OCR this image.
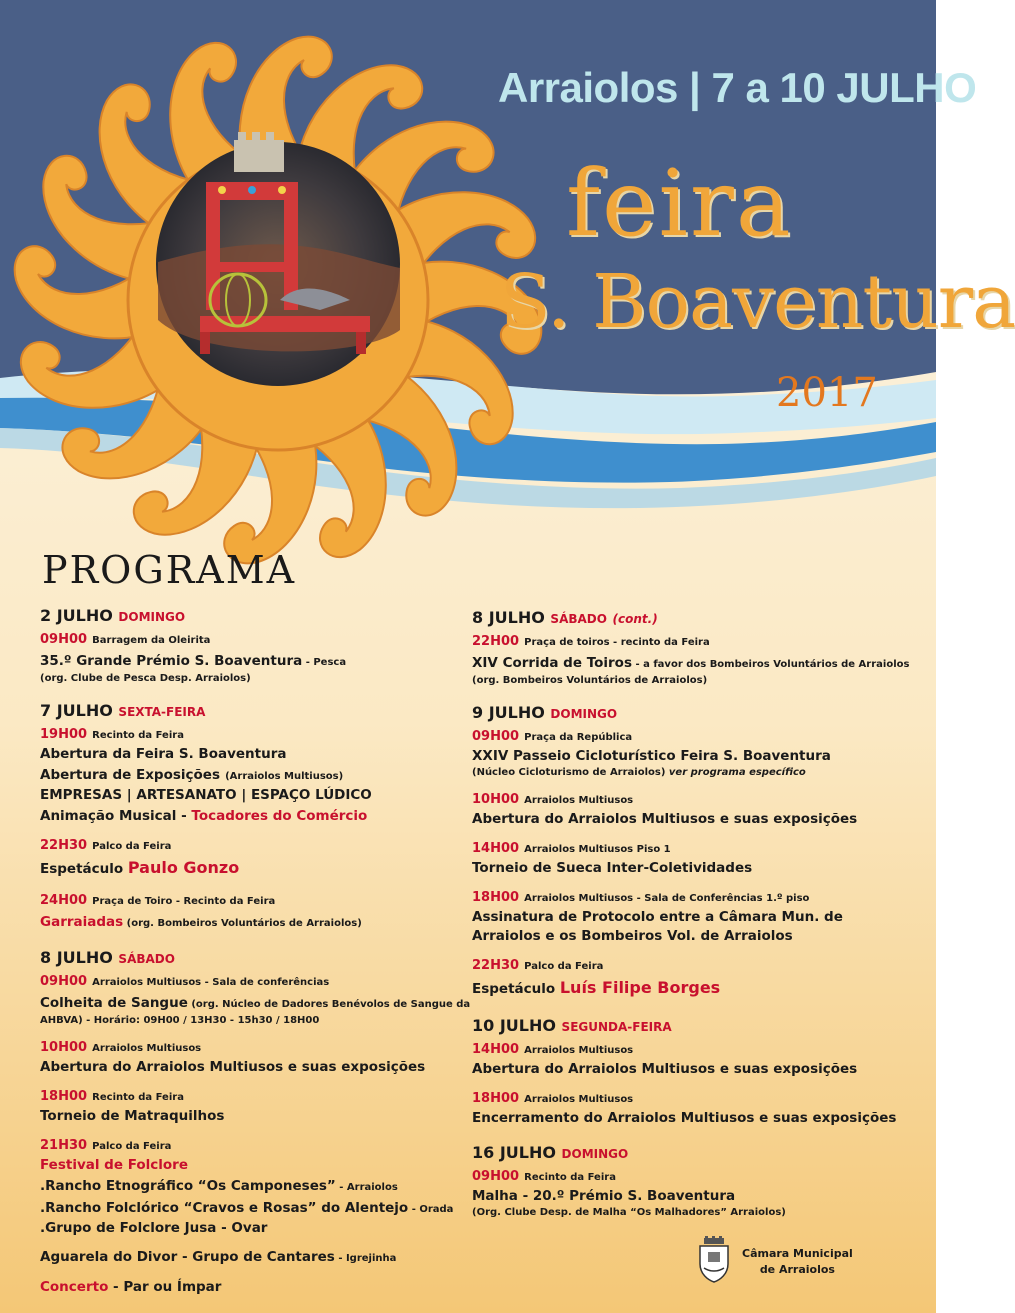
Arraiolos | 7 a 10 JULHO
feira
S. Boaventura
2017
PROGRAMA

2 JULHO DOMINGO

09H00 Barragem da Oleirita

35.º Grande Prémio S. Boaventura - Pesca

(org. Clube de Pesca Desp. Arraiolos)

7 JULHO SEXTA-FEIRA

19H00 Recinto da Feira

Abertura da Feira S. Boaventura

Abertura de Exposições (Arraiolos Multiusos)

EMPRESAS | ARTESANATO | ESPAÇO LÚDICO

Animação Musical - Tocadores do Comércio

22H30 Palco da Feira

Espetáculo Paulo Gonzo

24H00 Praça de Toiro - Recinto da Feira

Garraiadas (org. Bombeiros Voluntários de Arraiolos)

8 JULHO SÁBADO

09H00 Arraiolos Multiusos - Sala de conferências

Colheita de Sangue (org. Núcleo de Dadores Benévolos de Sangue da

AHBVA) - Horário: 09H00 / 13H30 - 15h30 / 18H00

10H00 Arraiolos Multiusos

Abertura do Arraiolos Multiusos e suas exposições

18H00 Recinto da Feira

Torneio de Matraquilhos

21H30 Palco da Feira

Festival de Folclore

.Rancho Etnográfico “Os Camponeses” - Arraiolos

.Rancho Folclórico “Cravos e Rosas” do Alentejo - Orada

.Grupo de Folclore Jusa - Ovar

Aguarela do Divor - Grupo de Cantares - Igrejinha

Concerto - Par ou Ímpar

8 JULHO SÁBADO (cont.)

22H00 Praça de toiros - recinto da Feira

XIV Corrida de Toiros - a favor dos Bombeiros Voluntários de Arraiolos

(org. Bombeiros Voluntários de Arraiolos)

9 JULHO DOMINGO

09H00 Praça da República

XXIV Passeio Cicloturístico Feira S. Boaventura

(Núcleo Cicloturismo de Arraiolos) ver programa específico

10H00 Arraiolos Multiusos

Abertura do Arraiolos Multiusos e suas exposições

14H00 Arraiolos Multiusos Piso 1

Torneio de Sueca Inter-Coletividades

18H00 Arraiolos Multiusos - Sala de Conferências 1.º piso

Assinatura de Protocolo entre a Câmara Mun. de

Arraiolos e os Bombeiros Vol. de Arraiolos

22H30 Palco da Feira

Espetáculo Luís Filipe Borges

10 JULHO SEGUNDA-FEIRA

14H00 Arraiolos Multiusos

Abertura do Arraiolos Multiusos e suas exposições

18H00 Arraiolos Multiusos

Encerramento do Arraiolos Multiusos e suas exposições

16 JULHO DOMINGO

09H00 Recinto da Feira

Malha - 20.º Prémio S. Boaventura

(Org. Clube Desp. de Malha “Os Malhadores” Arraiolos)

Câmara Municipal
de Arraiolos
